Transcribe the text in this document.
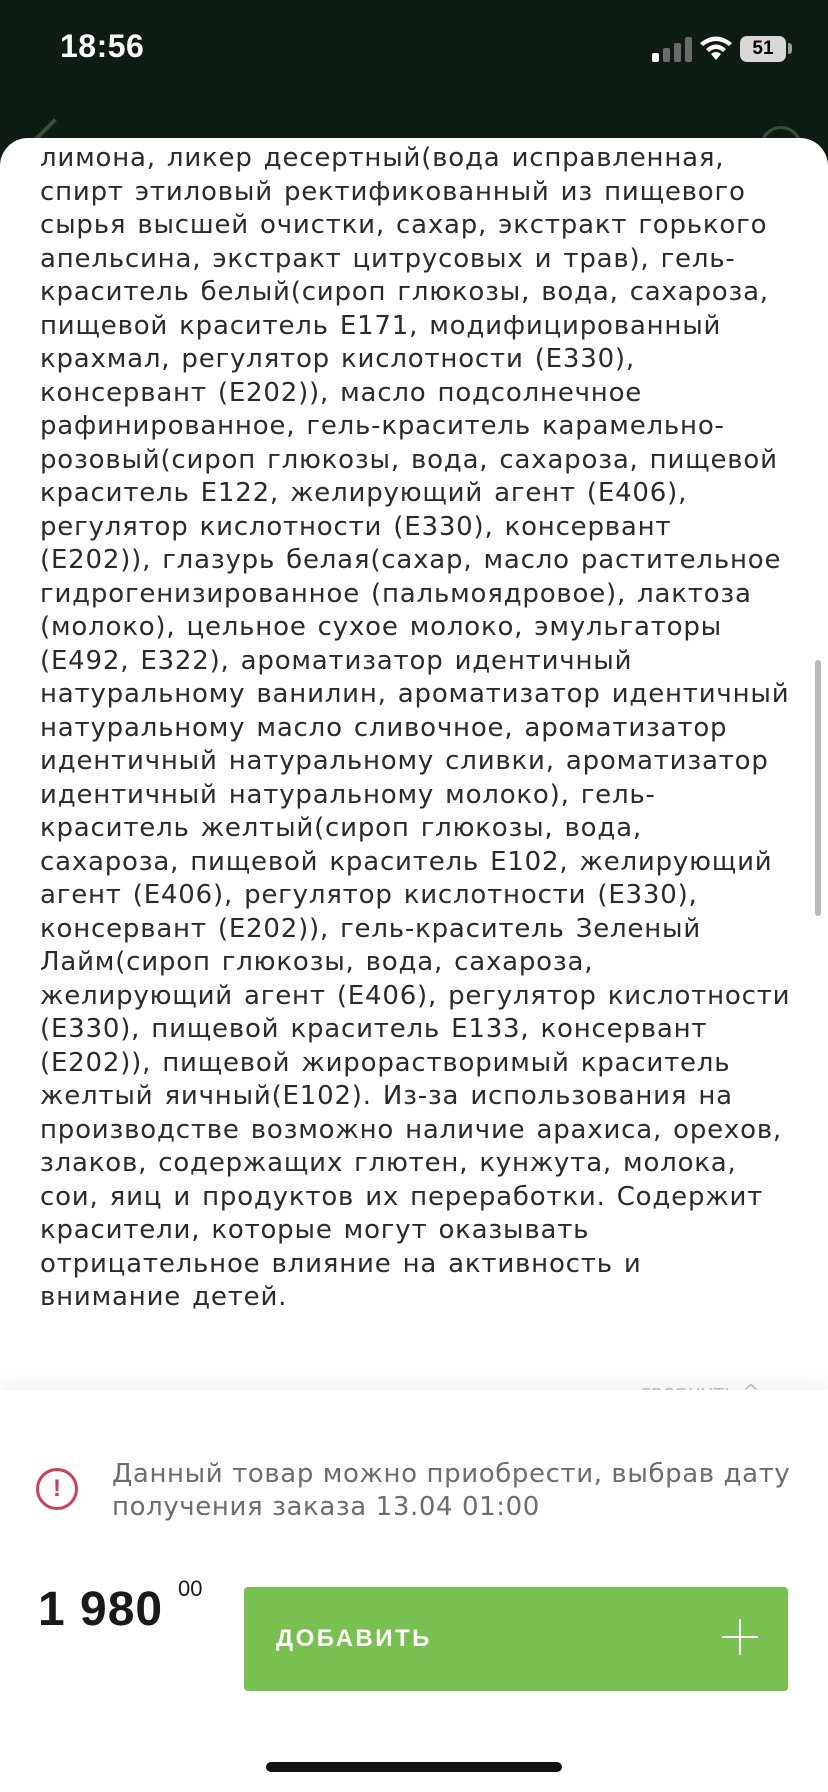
18:56	51
лимона, ликер десертный(вода исправленная, спирт этиловый ректификованный из пищевого сырья высшей очистки, сахар, экстракт горького апельсина, экстракт цитрусовых и трав), гель-краситель белый(сироп глюкозы, вода, сахароза, пищевой краситель Е171, модифицированный крахмал, регулятор кислотности (Е330), консервант (Е202)), масло подсолнечное рафинированное, гель-краситель карамельно-розовый(сироп глюкозы, вода, сахароза, пищевой краситель Е122, желирующий агент (Е406), регулятор кислотности (Е330), консервант (Е202)), глазурь белая(сахар, масло растительное гидрогенизированное (пальмоядровое), лактоза (молоко), цельное сухое молоко, эмульгаторы (Е492, Е322), ароматизатор идентичный натуральному ванилин, ароматизатор идентичный натуральному масло сливочное, ароматизатор идентичный натуральному сливки, ароматизатор идентичный натуральному молоко), гель-краситель желтый(сироп глюкозы, вода, сахароза, пищевой краситель Е102, желирующий агент (Е406), регулятор кислотности (Е330), консервант (Е202)), гель-краситель Зеленый Лайм(сироп глюкозы, вода, сахароза, желирующий агент (Е406), регулятор кислотности (Е330), пищевой краситель Е133, консервант (Е202)), пищевой жирорастворимый краситель желтый яичный(Е102). Из-за использования на производстве возможно наличие арахиса, орехов, злаков, содержащих глютен, кунжута, молока, сои, яиц и продуктов их переработки. Содержит красители, которые могут оказывать отрицательное влияние на активность и внимание детей.
! Данный товар можно приобрести, выбрав дату получения заказа 13.04 01:00
1 980 00
ДОБАВИТЬ
